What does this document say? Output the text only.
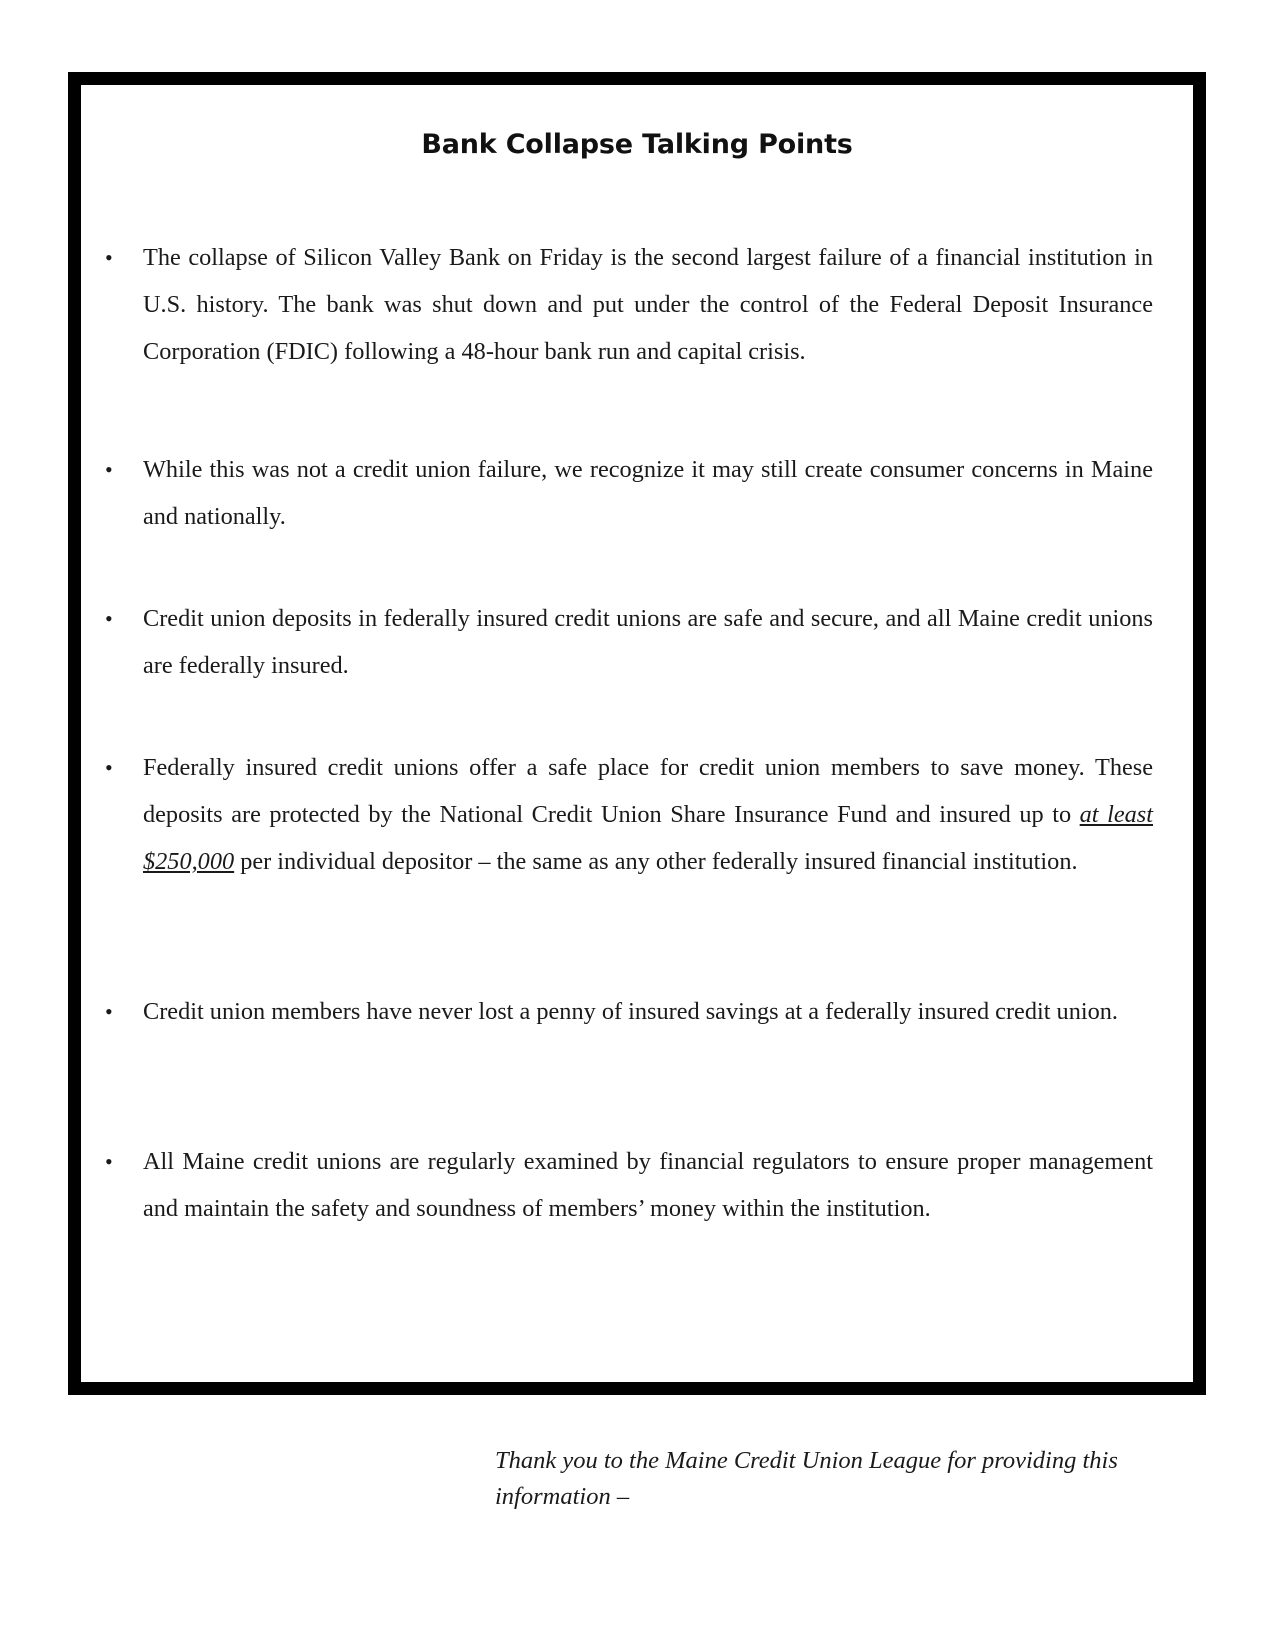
Bank Collapse Talking Points
• The collapse of Silicon Valley Bank on Friday is the second largest failure of a financial institution in U.S. history. The bank was shut down and put under the control of the Federal Deposit Insurance Corporation (FDIC) following a 48-hour bank run and capital crisis.
• While this was not a credit union failure, we recognize it may still create consumer concerns in Maine and nationally.
• Credit union deposits in federally insured credit unions are safe and secure, and all Maine credit unions are federally insured.
• Federally insured credit unions offer a safe place for credit union members to save money. These deposits are protected by the National Credit Union Share Insurance Fund and insured up to at least $250,000 per individual depositor – the same as any other federally insured financial institution.
• Credit union members have never lost a penny of insured savings at a federally insured credit union.
• All Maine credit unions are regularly examined by financial regulators to ensure proper management and maintain the safety and soundness of members’ money within the institution.
Thank you to the Maine Credit Union League for providing this information –
